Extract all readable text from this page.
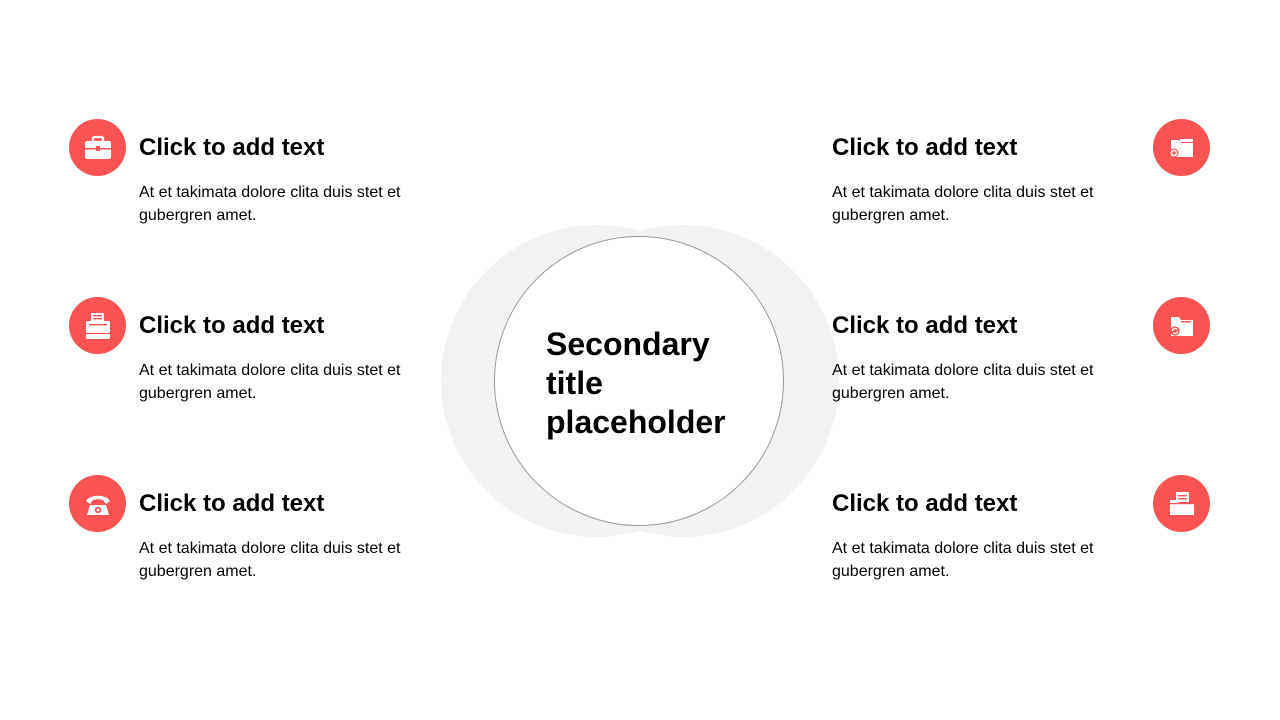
Secondary title placeholder
Click to add text
At et takimata dolore clita duis stet et gubergren amet.
Click to add text
At et takimata dolore clita duis stet et gubergren amet.
Click to add text
At et takimata dolore clita duis stet et gubergren amet.
Click to add text
At et takimata dolore clita duis stet et gubergren amet.
Click to add text
At et takimata dolore clita duis stet et gubergren amet.
Click to add text
At et takimata dolore clita duis stet et gubergren amet.
